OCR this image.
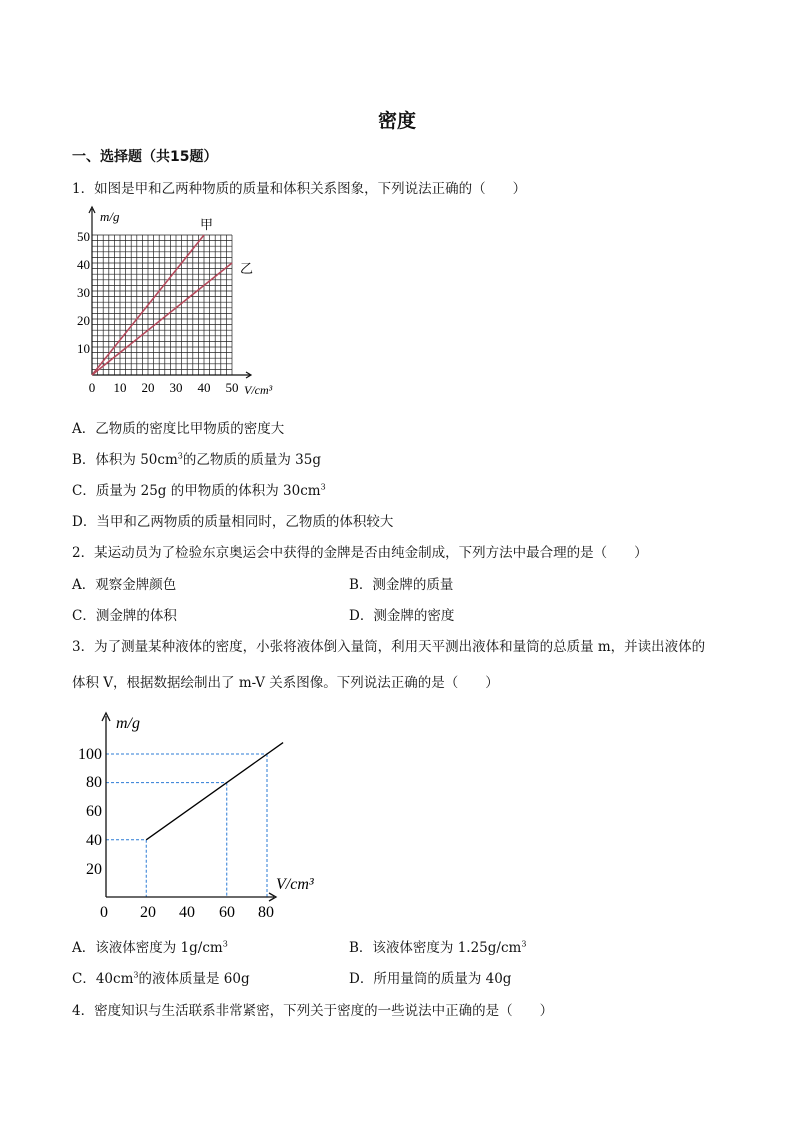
密度
一、选择题（共15题）
1．如图是甲和乙两种物质的质量和体积关系图象，下列说法正确的（　　）
10
20
30
40
50
0 10 20 30 40 50
m/g
V/cm³
甲
乙
A．乙物质的密度比甲物质的密度大
B．体积为 $50cm^3$的乙物质的质量为 35g
C．质量为 25g 的甲物质的体积为 $30cm^3$
D．当甲和乙两物质的质量相同时，乙物质的体积较大
2．某运动员为了检验东京奥运会中获得的金牌是否由纯金制成，下列方法中最合理的是（　　）
A．观察金牌颜色	B．测金牌的质量
C．测金牌的体积	D．测金牌的密度
3．为了测量某种液体的密度，小张将液体倒入量筒，利用天平测出液体和量筒的总质量 m，并读出液体的
体积 V，根据数据绘制出了 m-V 关系图像。下列说法正确的是（　　）
20
40
60
80
100
0 20 40 60 80
m/g
V/cm³
A．该液体密度为 $1g/cm^3$	B．该液体密度为 $1.25g/cm^3$
C．$40cm^3$的液体质量是 60g	D．所用量筒的质量为 40g
4．密度知识与生活联系非常紧密，下列关于密度的一些说法中正确的是（　　）
